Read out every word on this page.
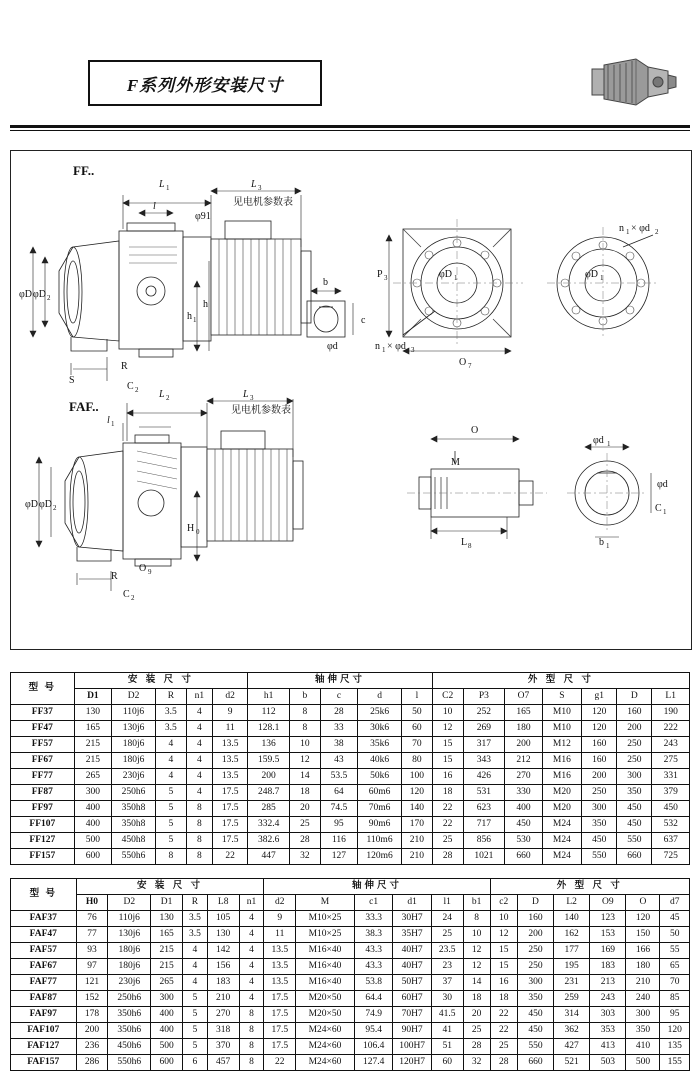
F系列外形安装尺寸
FF..
FAF..
L 1	L 3
l	见电机参数表
φ91
h 1
h
φD φD 2
S
R
C 2
b
c
φd
P 3	φD 1	φD 1
n 1 × φd 3
n 1 × φd 2
O 7
L 2	L 3
见电机参数表
l 1
φD φD 2
H 0
R
C 2
O 9
O
M
L 8
φd 1
φd
C 1
b 1
型 号	安 装 尺 寸					轴伸尺寸					外 型 尺 寸						
	D1	D2	R	n1	d2	h1	b	c	d	l	C2	P3	O7	S	g1	D	L1
FF37	130	110j6	3.5	4	9	112	8	28	25k6	50	10	252	165	M10	120	160	190
FF47	165	130j6	3.5	4	11	128.1	8	33	30k6	60	12	269	180	M10	120	200	222
FF57	215	180j6	4	4	13.5	136	10	38	35k6	70	15	317	200	M12	160	250	243
FF67	215	180j6	4	4	13.5	159.5	12	43	40k6	80	15	343	212	M16	160	250	275
FF77	265	230j6	4	4	13.5	200	14	53.5	50k6	100	16	426	270	M16	200	300	331
FF87	300	250h6	5	4	17.5	248.7	18	64	60m6	120	18	531	330	M20	250	350	379
FF97	400	350h8	5	8	17.5	285	20	74.5	70m6	140	22	623	400	M20	300	450	450
FF107	400	350h8	5	8	17.5	332.4	25	95	90m6	170	22	717	450	M24	350	450	532
FF127	500	450h8	5	8	17.5	382.6	28	116	110m6	210	25	856	530	M24	450	550	637
FF157	600	550h6	8	8	22	447	32	127	120m6	210	28	1021	660	M24	550	660	725
型 号	安 装 尺 寸						轴伸尺寸						外 型 尺 寸					
	H0	D2	D1	R	L8	n1	d2	M	c1	d1	l1	b1	c2	D	L2	O9	O	d7
FAF37	76	110j6	130	3.5	105	4	9	M10×25	33.3	30H7	24	8	10	160	140	123	120	45
FAF47	77	130j6	165	3.5	130	4	11	M10×25	38.3	35H7	25	10	12	200	162	153	150	50
FAF57	93	180j6	215	4	142	4	13.5	M16×40	43.3	40H7	23.5	12	15	250	177	169	166	55
FAF67	97	180j6	215	4	156	4	13.5	M16×40	43.3	40H7	23	12	15	250	195	183	180	65
FAF77	121	230j6	265	4	183	4	13.5	M16×40	53.8	50H7	37	14	16	300	231	213	210	70
FAF87	152	250h6	300	5	210	4	17.5	M20×50	64.4	60H7	30	18	18	350	259	243	240	85
FAF97	178	350h6	400	5	270	8	17.5	M20×50	74.9	70H7	41.5	20	22	450	314	303	300	95
FAF107	200	350h6	400	5	318	8	17.5	M24×60	95.4	90H7	41	25	22	450	362	353	350	120
FAF127	236	450h6	500	5	370	8	17.5	M24×60	106.4	100H7	51	28	25	550	427	413	410	135
FAF157	286	550h6	600	6	457	8	22	M24×60	127.4	120H7	60	32	28	660	521	503	500	155
